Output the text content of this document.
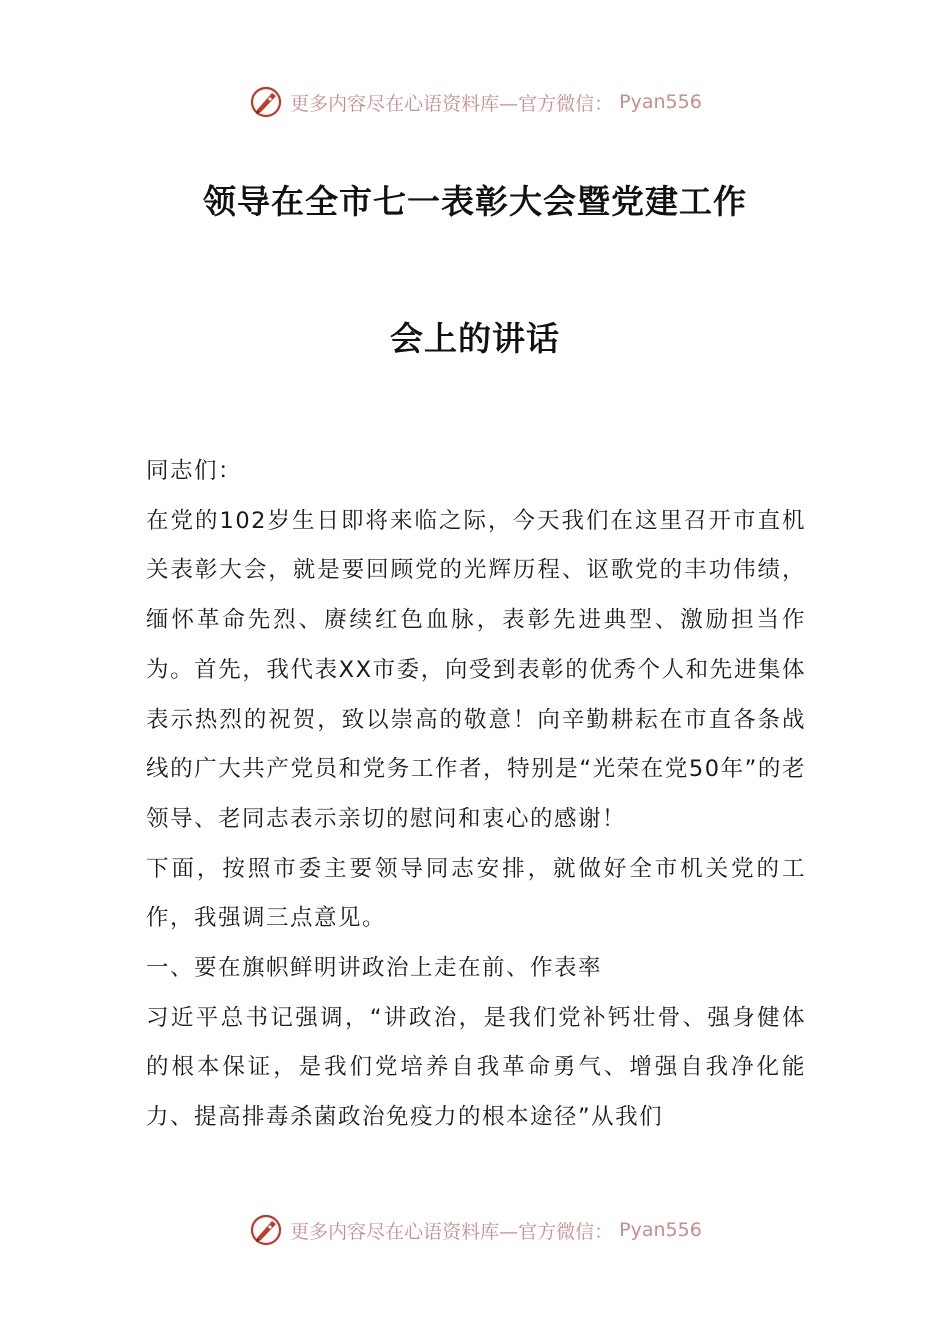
更多内容尽在心语资料库—官方微信： Pyan556
领导在全市七一表彰大会暨党建工作
会上的讲话

同志们：

在党的102岁生日即将来临之际，今天我们在这里召开市直机关表彰大会，就是要回顾党的光辉历程、讴歌党的丰功伟绩，缅怀革命先烈、赓续红色血脉，表彰先进典型、激励担当作为。首先，我代表XX市委，向受到表彰的优秀个人和先进集体表示热烈的祝贺，致以崇高的敬意！向辛勤耕耘在市直各条战线的广大共产党员和党务工作者，特别是“光荣在党50年”的老领导、老同志表示亲切的慰问和衷心的感谢！

下面，按照市委主要领导同志安排，就做好全市机关党的工作，我强调三点意见。

一、要在旗帜鲜明讲政治上走在前、作表率

习近平总书记强调，“讲政治，是我们党补钙壮骨、强身健体的根本保证，是我们党培养自我革命勇气、增强自我净化能力、提高排毒杀菌政治免疫力的根本途径”从我们

更多内容尽在心语资料库—官方微信： Pyan556
